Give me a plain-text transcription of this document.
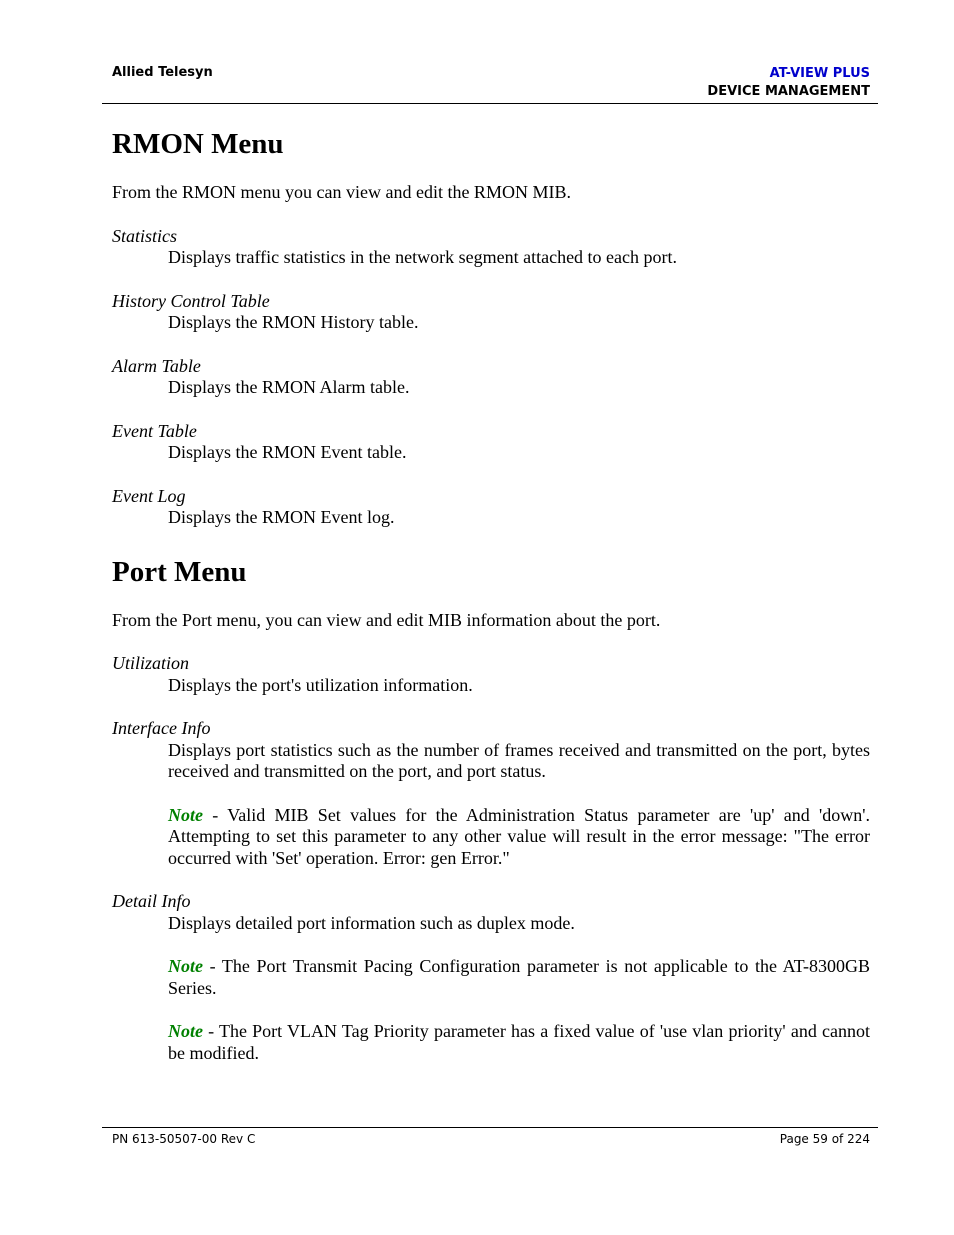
Allied Telesyn	AT-VIEW PLUS
DEVICE MANAGEMENT
RMON Menu

From the RMON menu you can view and edit the RMON MIB.

Statistics
Displays traffic statistics in the network segment attached to each port.
History Control Table
Displays the RMON History table.
Alarm Table
Displays the RMON Alarm table.
Event Table
Displays the RMON Event table.
Event Log
Displays the RMON Event log.
Port Menu

From the Port menu, you can view and edit MIB information about the port.

Utilization
Displays the port's utilization information.
Interface Info
Displays port statistics such as the number of frames received and transmitted on the port, bytes received and transmitted on the port, and port status.
Note - Valid MIB Set values for the Administration Status parameter are 'up' and 'down'. Attempting to set this parameter to any other value will result in the error message: "The error occurred with 'Set' operation. Error: gen Error."
Detail Info
Displays detailed port information such as duplex mode.
Note - The Port Transmit Pacing Configuration parameter is not applicable to the AT-8300GB Series.
Note - The Port VLAN Tag Priority parameter has a fixed value of 'use vlan priority' and cannot be modified.
PN 613-50507-00 Rev C	Page 59 of 224
